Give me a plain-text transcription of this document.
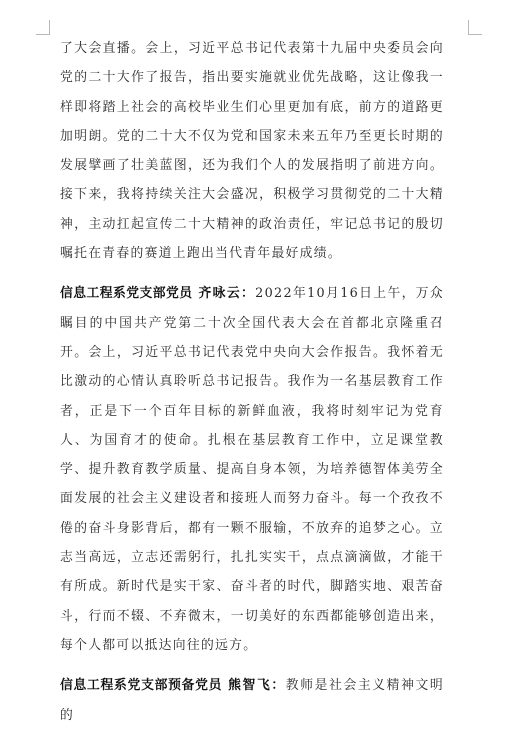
了大会直播。会上，习近平总书记代表第十九届中央委员会向党的二十大作了报告，指出要实施就业优先战略，这让像我一样即将踏上社会的高校毕业生们心里更加有底，前方的道路更加明朗。党的二十大不仅为党和国家未来五年乃至更长时期的发展擘画了壮美蓝图，还为我们个人的发展指明了前进方向。接下来，我将持续关注大会盛况，积极学习贯彻党的二十大精神，主动扛起宣传二十大精神的政治责任，牢记总书记的殷切嘱托在青春的赛道上跑出当代青年最好成绩。

信息工程系党支部党员 齐咏云：2022年10月16日上午，万众瞩目的中国共产党第二十次全国代表大会在首都北京隆重召开。会上，习近平总书记代表党中央向大会作报告。我怀着无比激动的心情认真聆听总书记报告。我作为一名基层教育工作者，正是下一个百年目标的新鲜血液，我将时刻牢记为党育人、为国育才的使命。扎根在基层教育工作中，立足课堂教学、提升教育教学质量、提高自身本领，为培养德智体美劳全面发展的社会主义建设者和接班人而努力奋斗。每一个孜孜不倦的奋斗身影背后，都有一颗不服输，不放弃的追梦之心。立志当高远，立志还需躬行，扎扎实实干，点点滴滴做，才能干有所成。新时代是实干家、奋斗者的时代，脚踏实地、艰苦奋斗，行而不辍、不弃微末，一切美好的东西都能够创造出来，每个人都可以抵达向往的远方。

信息工程系党支部预备党员 熊智飞：教师是社会主义精神文明的
